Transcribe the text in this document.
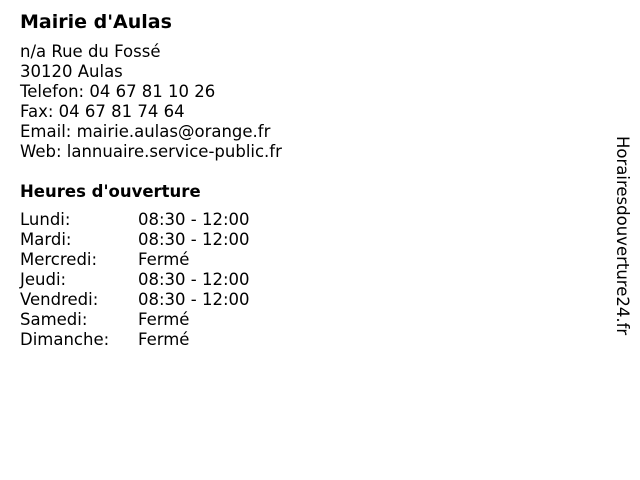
Mairie d'Aulas
n/a Rue du Fossé
30120 Aulas
Telefon: 04 67 81 10 26
Fax: 04 67 81 74 64
Email: mairie.aulas@orange.fr
Web: lannuaire.service-public.fr
Heures d'ouverture
Lundi:	08:30 - 12:00
Mardi:	08:30 - 12:00
Mercredi:	Fermé
Jeudi:	08:30 - 12:00
Vendredi:	08:30 - 12:00
Samedi:	Fermé
Dimanche:	Fermé
Horairesdouverture24.fr
